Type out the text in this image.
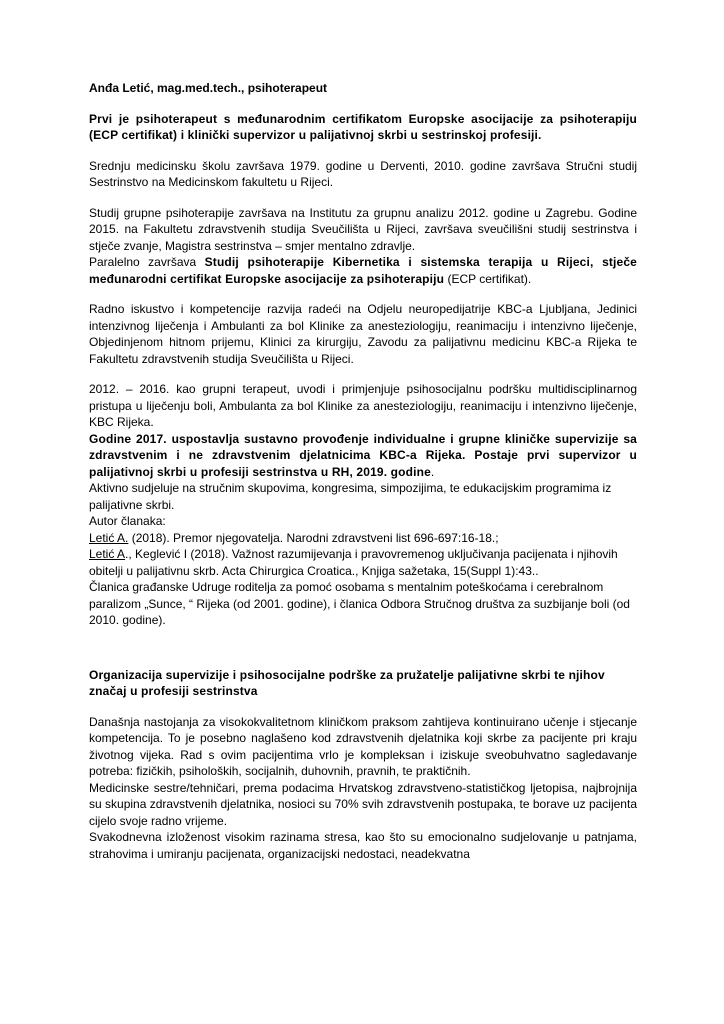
Anđa Letić, mag.med.tech., psihoterapeut

Prvi je psihoterapeut s međunarodnim certifikatom Europske asocijacije za psihoterapiju (ECP certifikat) i klinički supervizor u palijativnoj skrbi u sestrinskoj profesiji.

Srednju medicinsku školu završava 1979. godine u Derventi, 2010. godine završava Stručni studij Sestrinstvo na Medicinskom fakultetu u Rijeci.

Studij grupne psihoterapije završava na Institutu za grupnu analizu 2012. godine u Zagrebu. Godine 2015. na Fakultetu zdravstvenih studija Sveučilišta u Rijeci, završava sveučilišni studij sestrinstva i stječe zvanje, Magistra sestrinstva – smjer mentalno zdravlje.

Paralelno završava Studij psihoterapije Kibernetika i sistemska terapija u Rijeci, stječe međunarodni certifikat Europske asocijacije za psihoterapiju (ECP certifikat).

Radno iskustvo i kompetencije razvija radeći na Odjelu neuropedijatrije KBC-a Ljubljana, Jedinici intenzivnog liječenja i Ambulanti za bol Klinike za anesteziologiju, reanimaciju i intenzivno liječenje, Objedinjenom hitnom prijemu, Klinici za kirurgiju, Zavodu za palijativnu medicinu KBC-a Rijeka te Fakultetu zdravstvenih studija Sveučilišta u Rijeci.

2012. – 2016. kao grupni terapeut, uvodi i primjenjuje psihosocijalnu podršku multidisciplinarnog pristupa u liječenju boli, Ambulanta za bol Klinike za anesteziologiju, reanimaciju i intenzivno liječenje, KBC Rijeka.

Godine 2017. uspostavlja sustavno provođenje individualne i grupne kliničke supervizije sa zdravstvenim i ne zdravstvenim djelatnicima KBC-a Rijeka. Postaje prvi supervizor u palijativnoj skrbi u profesiji sestrinstva u RH, 2019. godine.

Aktivno sudjeluje na stručnim skupovima, kongresima, simpozijima, te edukacijskim programima iz palijativne skrbi.

Autor članaka:

Letić A. (2018). Premor njegovatelja. Narodni zdravstveni list 696-697:16-18.;

Letić A., Keglević I (2018). Važnost razumijevanja i pravovremenog uključivanja pacijenata i njihovih obitelji u palijativnu skrb. Acta Chirurgica Croatica., Knjiga sažetaka, 15(Suppl 1):43..

Članica građanske Udruge roditelja za pomoć osobama s mentalnim poteškoćama i cerebralnom paralizom „Sunce, “ Rijeka (od 2001. godine), i članica Odbora Stručnog društva za suzbijanje boli (od 2010. godine).

Organizacija supervizije i psihosocijalne podrške za pružatelje palijativne skrbi te njihov značaj u profesiji sestrinstva

Današnja nastojanja za visokokvalitetnom kliničkom praksom zahtijeva kontinuirano učenje i stjecanje kompetencija. To je posebno naglašeno kod zdravstvenih djelatnika koji skrbe za pacijente pri kraju životnog vijeka. Rad s ovim pacijentima vrlo je kompleksan i iziskuje sveobuhvatno sagledavanje potreba: fizičkih, psiholoških, socijalnih, duhovnih, pravnih, te praktičnih.

Medicinske sestre/tehničari, prema podacima Hrvatskog zdravstveno-statističkog ljetopisa, najbrojnija su skupina zdravstvenih djelatnika, nosioci su 70% svih zdravstvenih postupaka, te borave uz pacijenta cijelo svoje radno vrijeme.

Svakodnevna izloženost visokim razinama stresa, kao što su emocionalno sudjelovanje u patnjama, strahovima i umiranju pacijenata, organizacijski nedostaci, neadekvatna
